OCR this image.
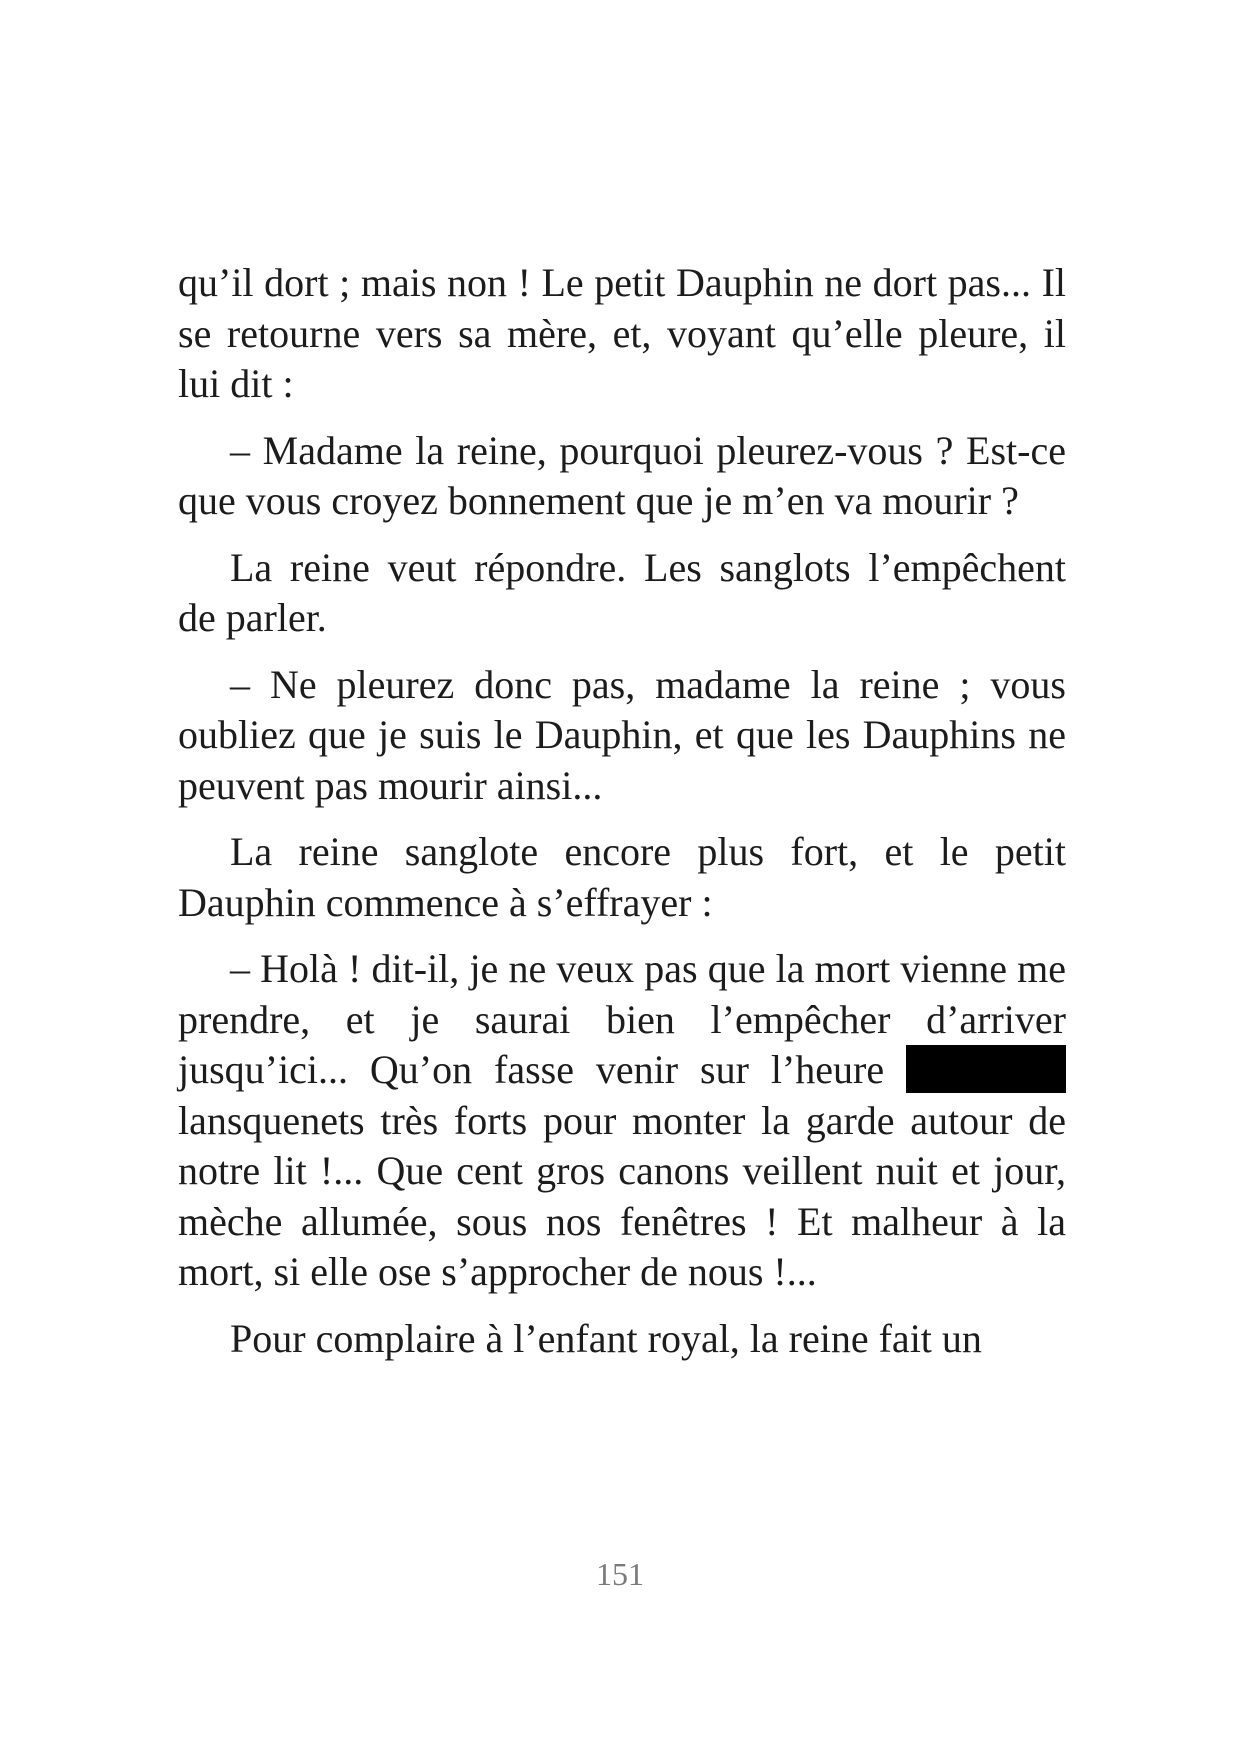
qu’il dort ; mais non ! Le petit Dauphin ne dort pas... Il se retourne vers sa mère, et, voyant qu’elle pleure, il lui dit :

– Madame la reine, pourquoi pleurez-vous ? Est-ce que vous croyez bonnement que je m’en va mourir ?

La reine veut répondre. Les sanglots l’empêchent de parler.

– Ne pleurez donc pas, madame la reine ; vous oubliez que je suis le Dauphin, et que les Dauphins ne peuvent pas mourir ainsi...

La reine sanglote encore plus fort, et le petit Dauphin commence à s’effrayer :

– Holà ! dit-il, je ne veux pas que la mort vienne me prendre, et je saurai bien l’empêcher d’arriver jusqu’ici... Qu’on fasse venir sur l’heure  lansquenets très forts pour monter la garde autour de notre lit !... Que cent gros canons veillent nuit et jour, mèche allumée, sous nos fenêtres ! Et malheur à la mort, si elle ose s’approcher de nous !...

Pour complaire à l’enfant royal, la reine fait un

151
